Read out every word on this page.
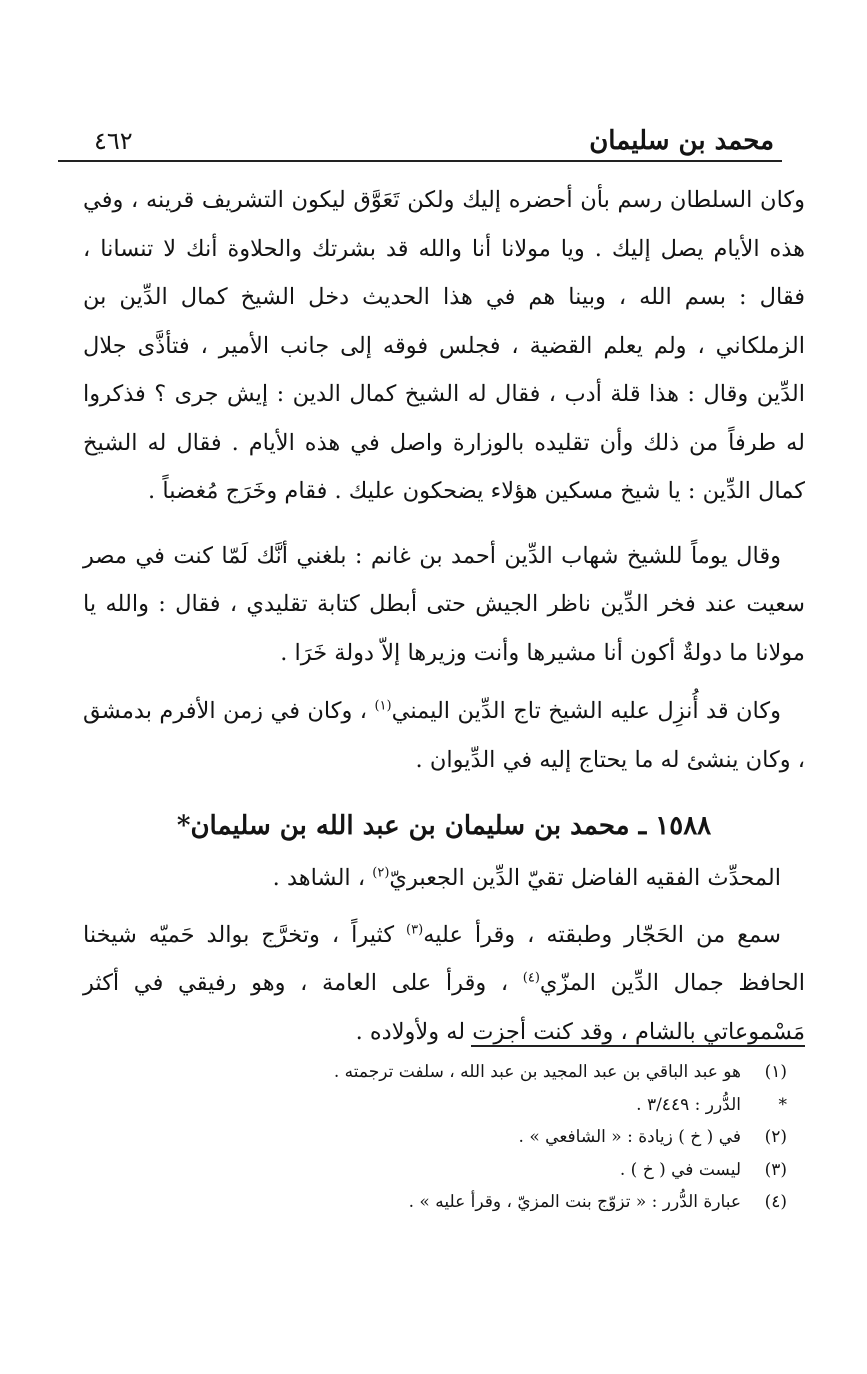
محمد بن سليمان
٤٦٢

وكان السلطان رسم بأن أحضره إليك ولكن تَعَوَّق ليكون التشريف قرينه ، وفي هذه الأيام يصل إليك . ويا مولانا أنا والله قد بشرتك والحلاوة أنك لا تنسانا ، فقال : بسم الله ، وبينا هم في هذا الحديث دخل الشيخ كمال الدِّين بن الزملكاني ، ولم يعلم القضية ، فجلس فوقه إلى جانب الأمير ، فتأذَّى جلال الدِّين وقال : هذا قلة أدب ، فقال له الشيخ كمال الدين : إيش جرى ؟ فذكروا له طرفاً من ذلك وأن تقليده بالوزارة واصل في هذه الأيام . فقال له الشيخ كمال الدِّين : يا شيخ مسكين هؤلاء يضحكون عليك . فقام وخَرَج مُغضباً .

وقال يوماً للشيخ شهاب الدِّين أحمد بن غانم : بلغني أنَّك لَمّا كنت في مصر سعيت عند فخر الدِّين ناظر الجيش حتى أبطل كتابة تقليدي ، فقال : والله يا مولانا ما دولةٌ أكون أنا مشيرها وأنت وزيرها إلاّ دولة خَرَا .

وكان قد أُنزِل عليه الشيخ تاج الدِّين اليمني$^{(١)}$ ، وكان في زمن الأفرم بدمشق ، وكان ينشئ له ما يحتاج إليه في الدِّيوان .

١٥٨٨ ـ محمد بن سليمان بن عبد الله بن سليمان*

المحدِّث الفقيه الفاضل تقيّ الدِّين الجعبريّ$^{(٢)}$ ، الشاهد .

سمع من الحَجّار وطبقته ، وقرأ عليه$^{(٣)}$ كثيراً ، وتخرَّج بوالد حَميّه شيخنا الحافظ جمال الدِّين المزّي$^{(٤)}$ ، وقرأ على العامة ، وهو رفيقي في أكثر مَسْموعاتي بالشام ، وقد كنت أجزت له ولأولاده .

(١)
هو عبد الباقي بن عبد المجيد بن عبد الله ، سلفت ترجمته .
*
الدُّرر : ٣/٤٤٩ .
(٢)
في ( خ ) زيادة : « الشافعي » .
(٣)
ليست في ( خ ) .
(٤)
عبارة الدُّرر : « تزوّج بنت المزيّ ، وقرأ عليه » .
